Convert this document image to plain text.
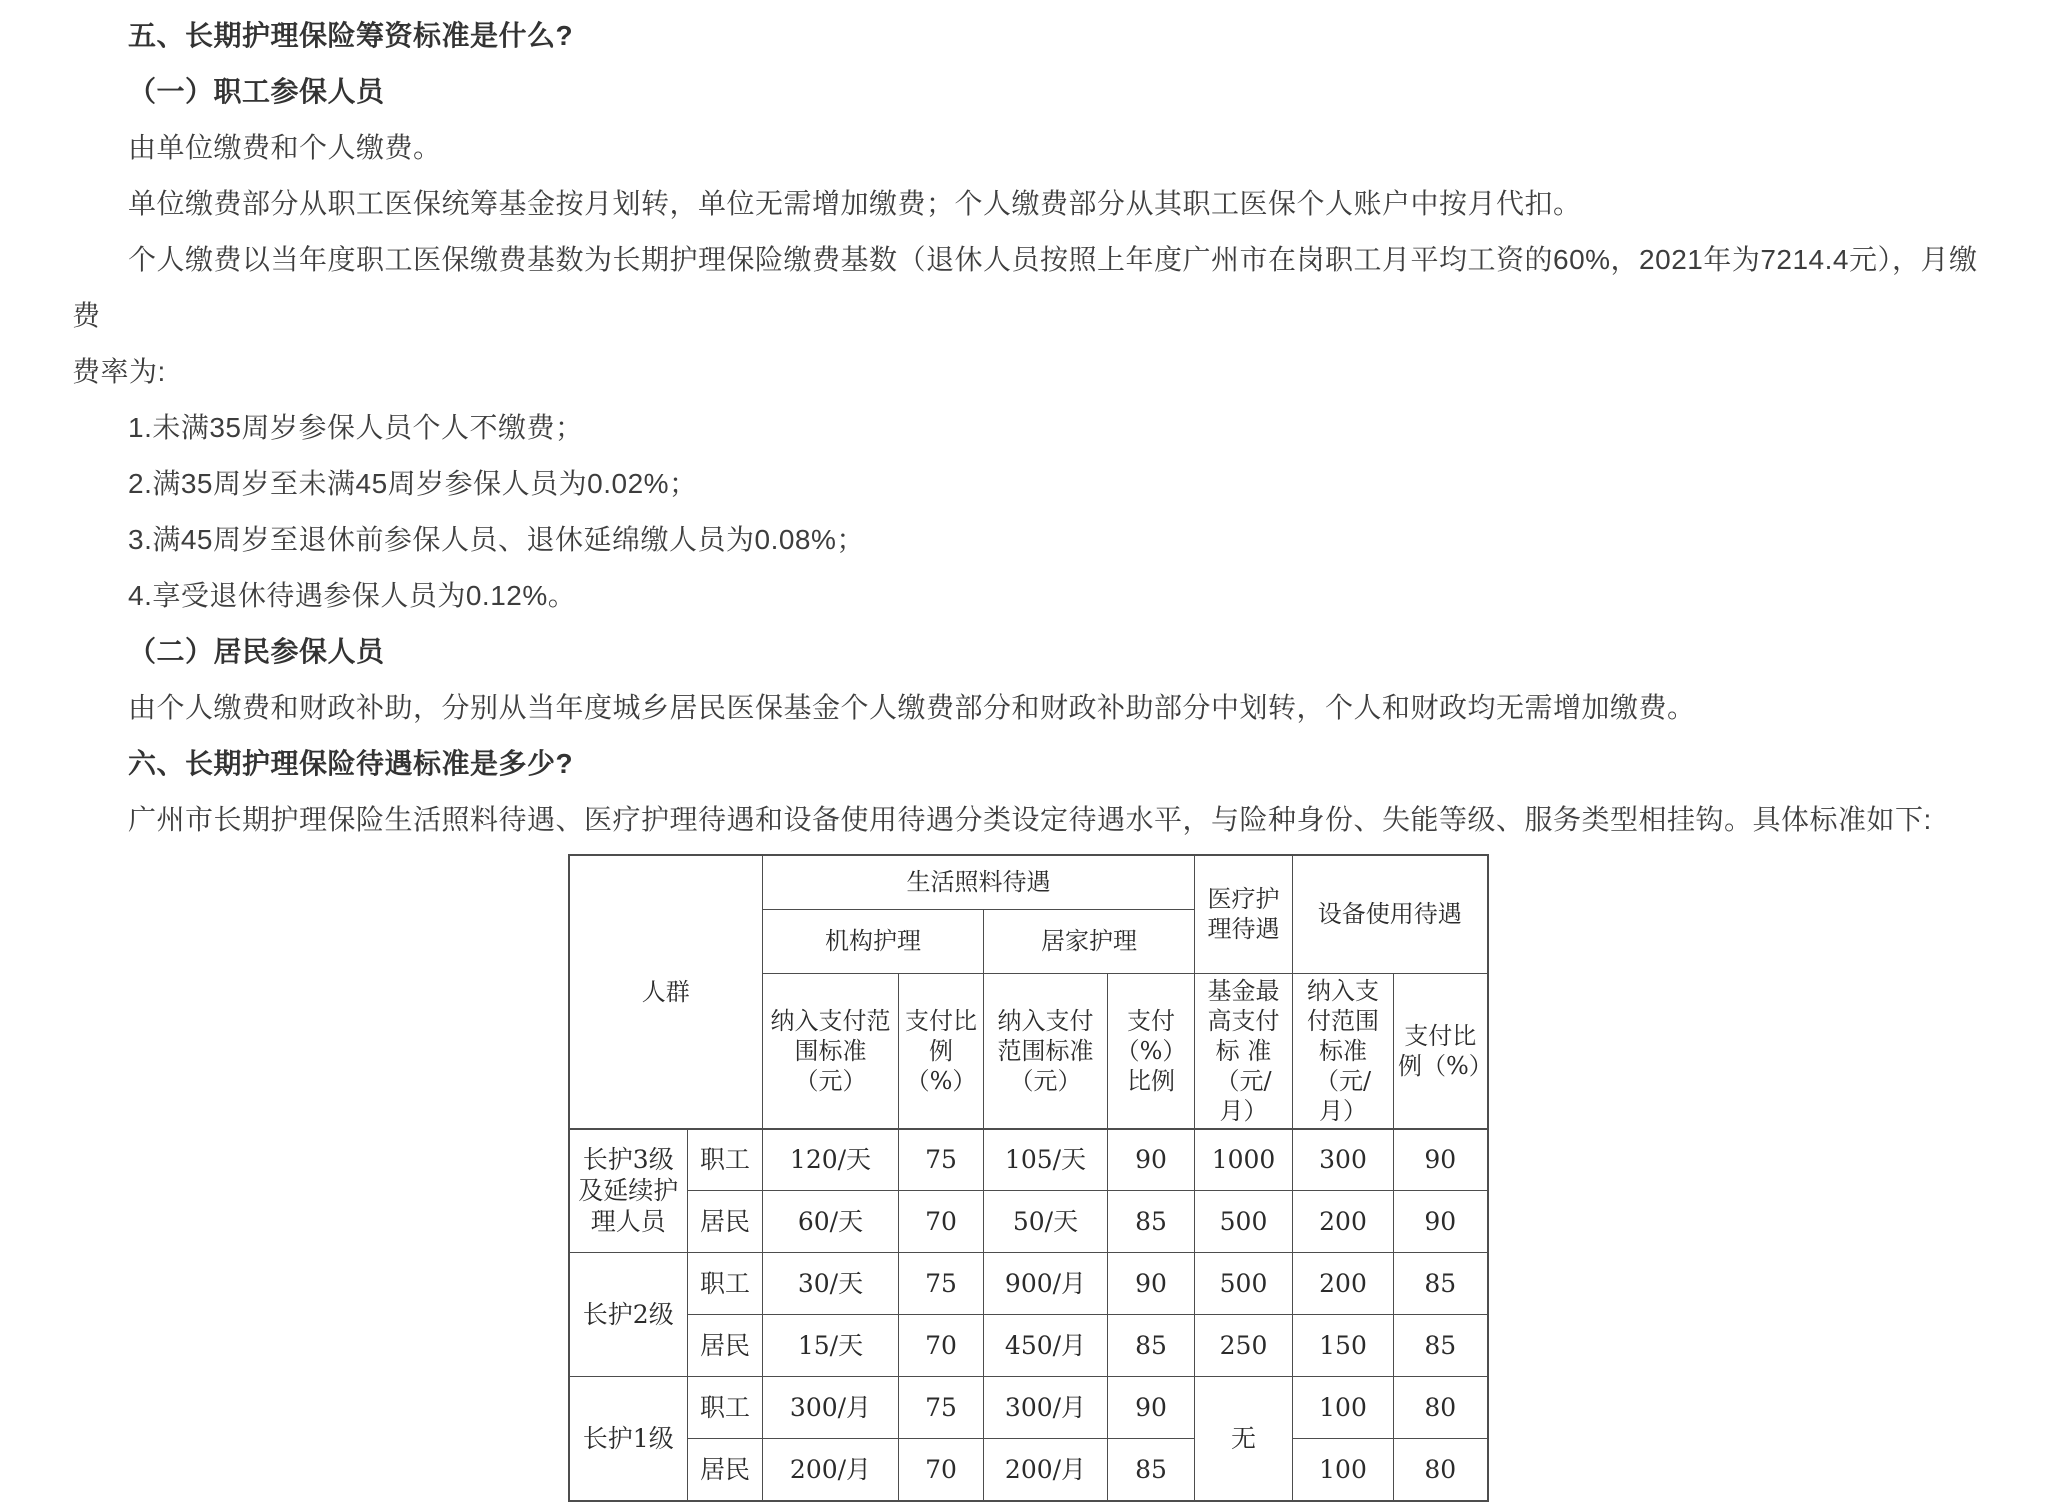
五、长期护理保险筹资标准是什么?

（一）职工参保人员

由单位缴费和个人缴费。

单位缴费部分从职工医保统筹基金按月划转，单位无需增加缴费；个人缴费部分从其职工医保个人账户中按月代扣。

个人缴费以当年度职工医保缴费基数为长期护理保险缴费基数（退休人员按照上年度广州市在岗职工月平均工资的60%，2021年为7214.4元），月缴费
费率为:

1.未满35周岁参保人员个人不缴费；

2.满35周岁至未满45周岁参保人员为0.02%；

3.满45周岁至退休前参保人员、退休延绵缴人员为0.08%；

4.享受退休待遇参保人员为0.12%。

（二）居民参保人员

由个人缴费和财政补助，分别从当年度城乡居民医保基金个人缴费部分和财政补助部分中划转，个人和财政均无需增加缴费。

六、长期护理保险待遇标准是多少?

广州市长期护理保险生活照料待遇、医疗护理待遇和设备使用待遇分类设定待遇水平，与险种身份、失能等级、服务类型相挂钩。具体标准如下:

人群		生活照料待遇				医疗护理待遇	设备使用待遇	
		机构护理		居家护理				
		纳入支付范围标准（元）	支付比例（%）	纳入支付范围标准（元）	支付（%）比例	基金最高支付标 准（元/月）	纳入支付范围标准（元/月）	支付比例（%）
长护3级及延续护理人员	职工	120/天	75	105/天	90	1000	300	90
	居民	60/天	70	50/天	85	500	200	90
长护2级	职工	30/天	75	900/月	90	500	200	85
	居民	15/天	70	450/月	85	250	150	85
长护1级	职工	300/月	75	300/月	90	无	100	80
	居民	200/月	70	200/月	85		100	80
